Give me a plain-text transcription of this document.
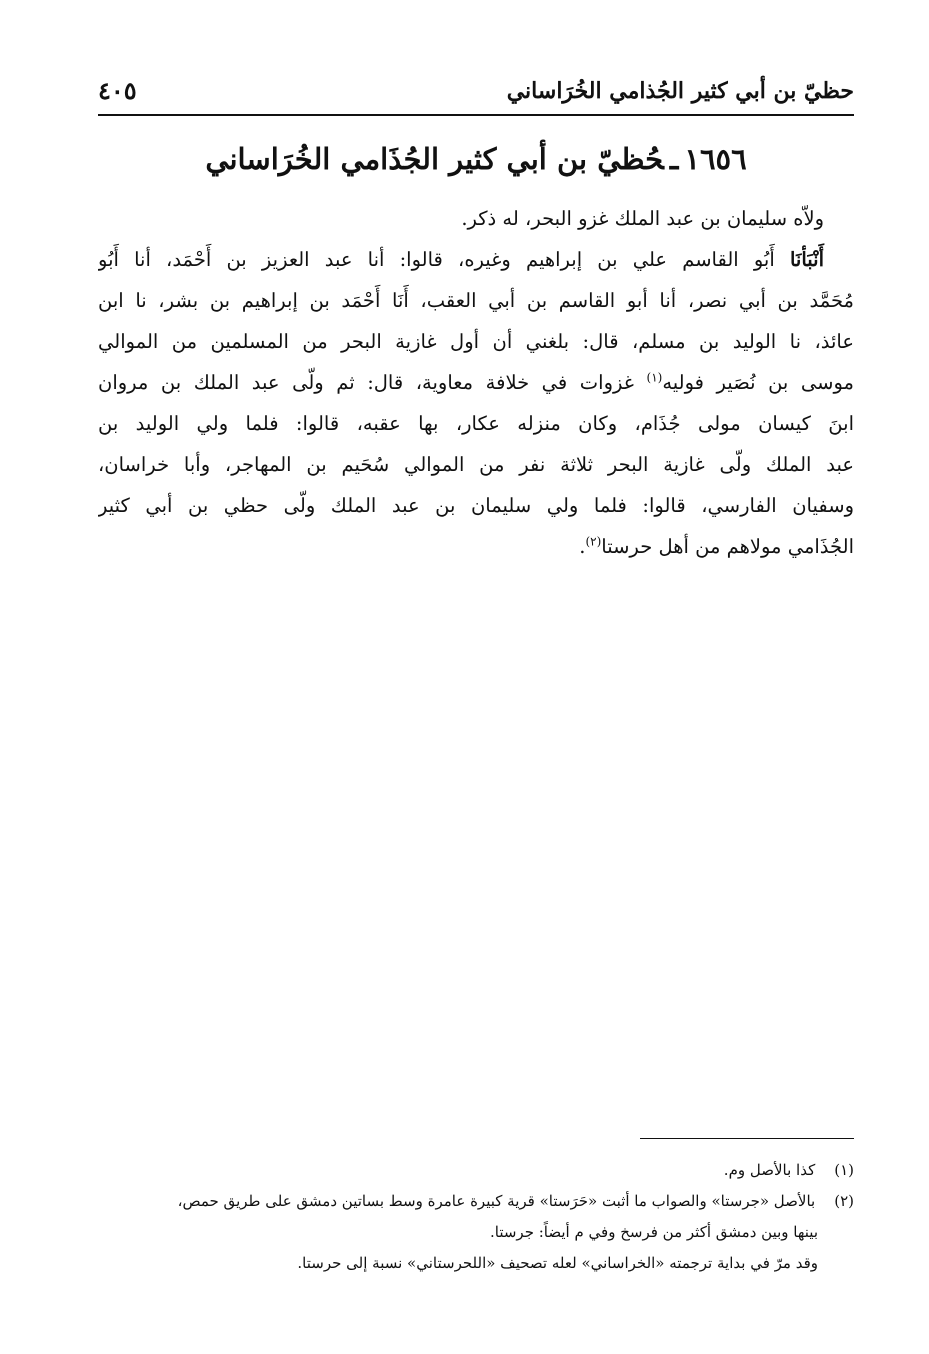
٤٠٥	حظيّ بن أبي كثير الجُذامي الخُرَاساني
١٦٥٦ـحُظيّ بن أبي كثير الجُذَامي الخُرَاساني
ولاّه سليمان بن عبد الملك غزو البحر، له ذكر.
أَنْبَأنَا أَبُو القاسم علي بن إبراهيم وغيره، قالوا: أنا عبد العزيز بن أَحْمَد، أنا أَبُو
مُحَمَّد بن أبي نصر، أنا أبو القاسم بن أبي العقب، أَنَا أَحْمَد بن إبراهيم بن بشر، نا ابن
عائذ، نا الوليد بن مسلم، قال: بلغني أن أول غازية البحر من المسلمين من الموالي
موسى بن نُصَير فوليه$^{(١)}$ غزوات في خلافة معاوية، قال: ثم ولّى عبد الملك بن مروان
ابنَ كيسان مولى جُذَام، وكان منزله عكار، بها عقبه، قالوا: فلما ولي الوليد بن
عبد الملك ولّى غازية البحر ثلاثة نفر من الموالي سُحَيم بن المهاجر، وأبا خراسان،
وسفيان الفارسي، قالوا: فلما ولي سليمان بن عبد الملك ولّى حظي بن أبي كثير
الجُذَامي مولاهم من أهل حرستا$^{(٢)}$.
(١) كذا بالأصل وم.
(٢) بالأصل «جرستا» والصواب ما أثبت «حَرَستا» قرية كبيرة عامرة وسط بساتين دمشق على طريق حمص،
بينها وبين دمشق أكثر من فرسخ وفي م أيضاً: جرستا.
وقد مرّ في بداية ترجمته «الخراساني» لعله تصحيف «اللحرستاني» نسبة إلى حرستا.
